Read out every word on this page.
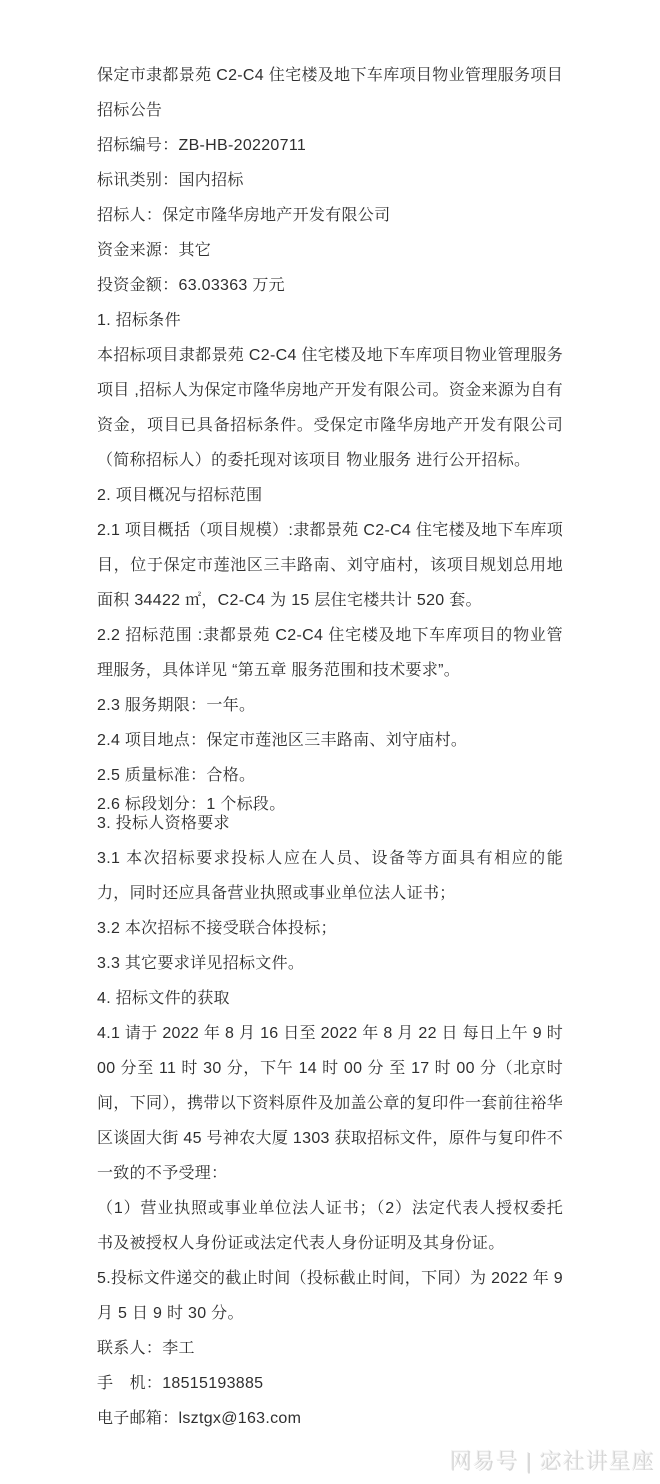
保定市隶都景苑 C2-C4 住宅楼及地下车库项目物业管理服务项目招标公告

招标编号：ZB-HB-20220711

标讯类别：国内招标

招标人：保定市隆华房地产开发有限公司

资金来源：其它

投资金额：63.03363 万元

1. 招标条件

本招标项目隶都景苑 C2-C4 住宅楼及地下车库项目物业管理服务项目 ,招标人为保定市隆华房地产开发有限公司。资金来源为自有资金，项目已具备招标条件。受保定市隆华房地产开发有限公司（简称招标人）的委托现对该项目 物业服务 进行公开招标。

2. 项目概况与招标范围

2.1 项目概括（项目规模）:隶都景苑 C2-C4 住宅楼及地下车库项目，位于保定市莲池区三丰路南、刘守庙村，该项目规划总用地面积 34422 ㎡，C2-C4 为 15 层住宅楼共计 520 套。

2.2 招标范围 :隶都景苑 C2-C4 住宅楼及地下车库项目的物业管理服务，具体详见 “第五章 服务范围和技术要求”。

2.3 服务期限：一年。

2.4 项目地点：保定市莲池区三丰路南、刘守庙村。

2.5 质量标准：合格。

2.6 标段划分：1 个标段。

3. 投标人资格要求

3.1 本次招标要求投标人应在人员、设备等方面具有相应的能力，同时还应具备营业执照或事业单位法人证书；

3.2 本次招标不接受联合体投标；

3.3 其它要求详见招标文件。

4. 招标文件的获取

4.1 请于 2022 年 8 月 16 日至 2022 年 8 月 22 日 每日上午 9 时 00 分至 11 时 30 分，下午 14 时 00 分 至 17 时 00 分（北京时间，下同），携带以下资料原件及加盖公章的复印件一套前往裕华区谈固大街 45 号神农大厦 1303 获取招标文件，原件与复印件不一致的不予受理：

（1）营业执照或事业单位法人证书；（2）法定代表人授权委托书及被授权人身份证或法定代表人身份证明及其身份证。

5.投标文件递交的截止时间（投标截止时间，下同）为 2022 年 9 月 5 日 9 时 30 分。

联系人：李工

手　机：18515193885

电子邮箱：lsztgx@163.com

网易号 | 宓社讲星座
